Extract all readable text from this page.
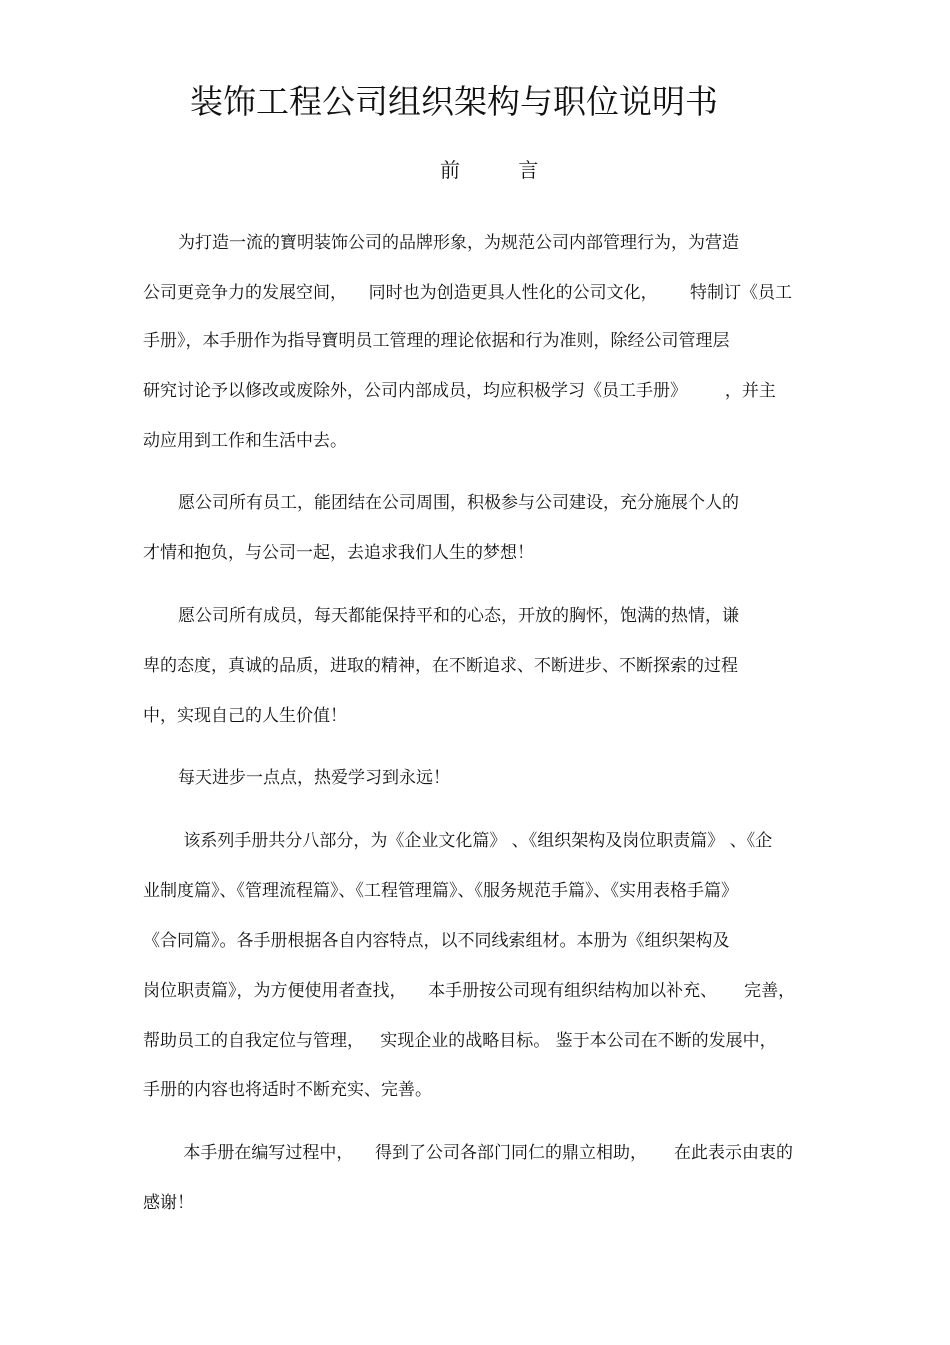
装饰工程公司组织架构与职位说明书
前 言
为打造一流的寶明装饰公司的品牌形象，为规范公司内部管理行为，为营造
公司更竞争力的发展空间，    同时也为创造更具人性化的公司文化，      特制订《员工
手册》，本手册作为指导寶明员工管理的理论依据和行为准则，除经公司管理层
研究讨论予以修改或废除外，公司内部成员，均应积极学习《员工手册》       ，并主
动应用到工作和生活中去。
愿公司所有员工，能团结在公司周围，积极参与公司建设，充分施展个人的
才情和抱负，与公司一起，去追求我们人生的梦想！
愿公司所有成员，每天都能保持平和的心态，开放的胸怀，饱满的热情，谦
卑的态度，真诚的品质，进取的精神，在不断追求、不断进步、不断探索的过程
中，实现自己的人生价值！
每天进步一点点，热爱学习到永远！
该系列手册共分八部分，为《企业文化篇》 、《组织架构及岗位职责篇》 、《企
业制度篇》、《管理流程篇》、《工程管理篇》、《服务规范手篇》、《实用表格手篇》
《合同篇》。各手册根据各自内容特点，以不同线索组材。本册为《组织架构及
岗位职责篇》，为方便使用者查找，    本手册按公司现有组织结构加以补充、     完善，
帮助员工的自我定位与管理，   实现企业的战略目标。 鉴于本公司在不断的发展中，
手册的内容也将适时不断充实、完善。
本手册在编写过程中，    得到了公司各部门同仁的鼎立相助，     在此表示由衷的
感谢！
